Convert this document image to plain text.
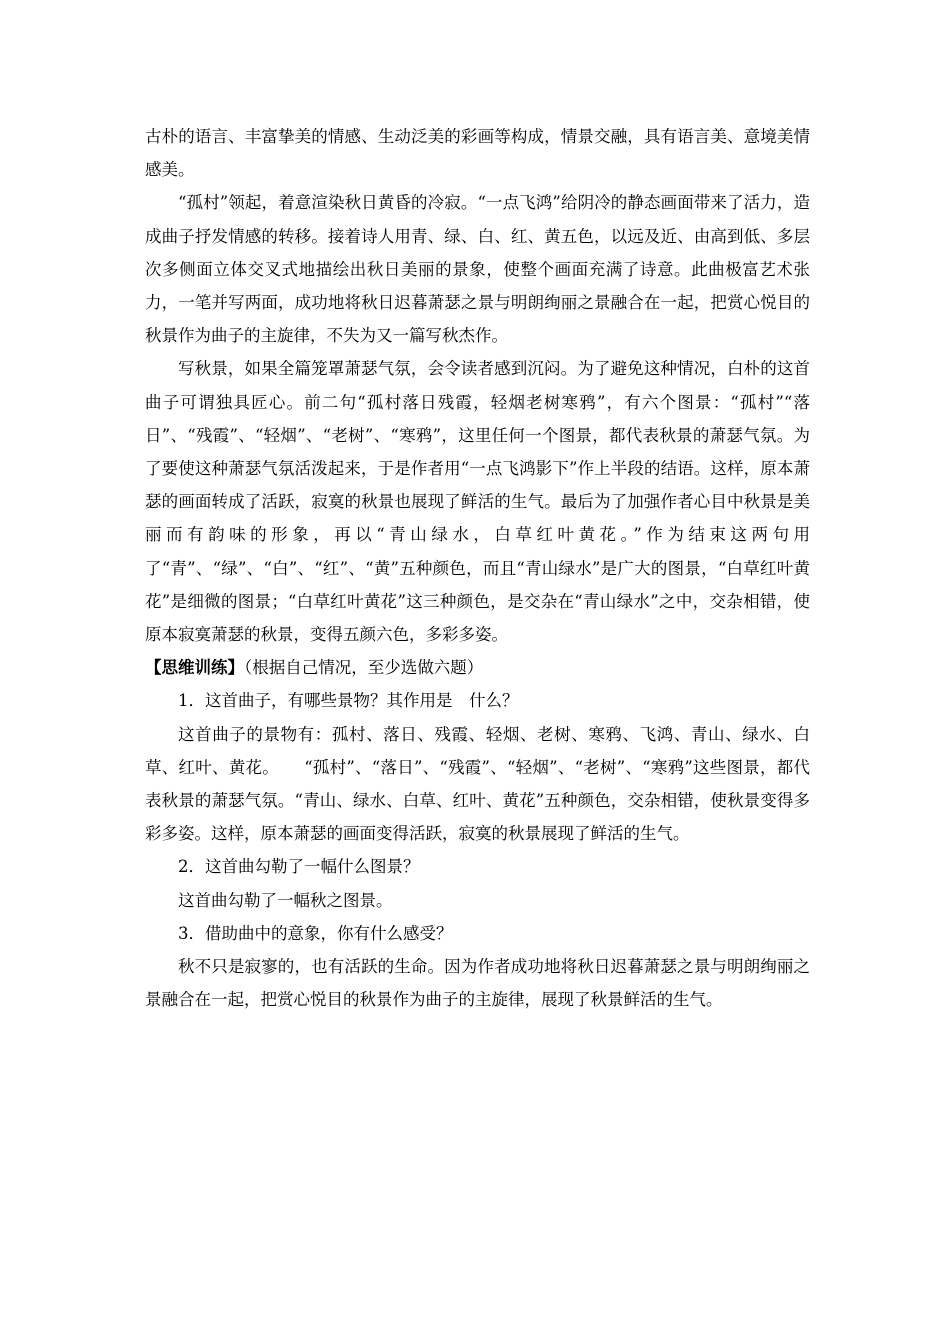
古朴的语言、丰富挚美的情感、生动泛美的彩画等构成，情景交融，具有语言美、意境美情感美。

“孤村”领起，着意渲染秋日黄昏的冷寂。“一点飞鸿”给阴冷的静态画面带来了活力，造成曲子抒发情感的转移。接着诗人用青、绿、白、红、黄五色，以远及近、由高到低、多层次多侧面立体交叉式地描绘出秋日美丽的景象，使整个画面充满了诗意。此曲极富艺术张力，一笔并写两面，成功地将秋日迟暮萧瑟之景与明朗绚丽之景融合在一起，把赏心悦目的秋景作为曲子的主旋律，不失为又一篇写秋杰作。

写秋景，如果全篇笼罩萧瑟气氛，会令读者感到沉闷。为了避免这种情况，白朴的这首曲子可谓独具匠心。前二句“孤村落日残霞，轻烟老树寒鸦”，有六个图景：“孤村”“落日”、“残霞”、“轻烟”、“老树”、“寒鸦”，这里任何一个图景，都代表秋景的萧瑟气氛。为了要使这种萧瑟气氛活泼起来，于是作者用“一点飞鸿影下”作上半段的结语。这样，原本萧瑟的画面转成了活跃，寂寞的秋景也展现了鲜活的生气。最后为了加强作者心目中秋景是美丽而有韵味的形象，再以“青山绿水，白草红叶黄花。”作为结束这两句用了“青”、“绿”、“白”、“红”、“黄”五种颜色，而且“青山绿水”是广大的图景，“白草红叶黄花”是细微的图景；“白草红叶黄花”这三种颜色，是交杂在“青山绿水”之中，交杂相错，使原本寂寞萧瑟的秋景，变得五颜六色，多彩多姿。

【思维训练】（根据自己情况，至少选做六题）

1．这首曲子，有哪些景物？其作用是　什么？

这首曲子的景物有：孤村、落日、残霞、轻烟、老树、寒鸦、飞鸿、青山、绿水、白草、红叶、黄花。　　“孤村”、“落日”、“残霞”、“轻烟”、“老树”、“寒鸦”这些图景，都代表秋景的萧瑟气氛。“青山、绿水、白草、红叶、黄花”五种颜色，交杂相错，使秋景变得多彩多姿。这样，原本萧瑟的画面变得活跃，寂寞的秋景展现了鲜活的生气。

2．这首曲勾勒了一幅什么图景？

这首曲勾勒了一幅秋之图景。

3．借助曲中的意象，你有什么感受？

秋不只是寂寥的，也有活跃的生命。因为作者成功地将秋日迟暮萧瑟之景与明朗绚丽之景融合在一起，把赏心悦目的秋景作为曲子的主旋律，展现了秋景鲜活的生气。
